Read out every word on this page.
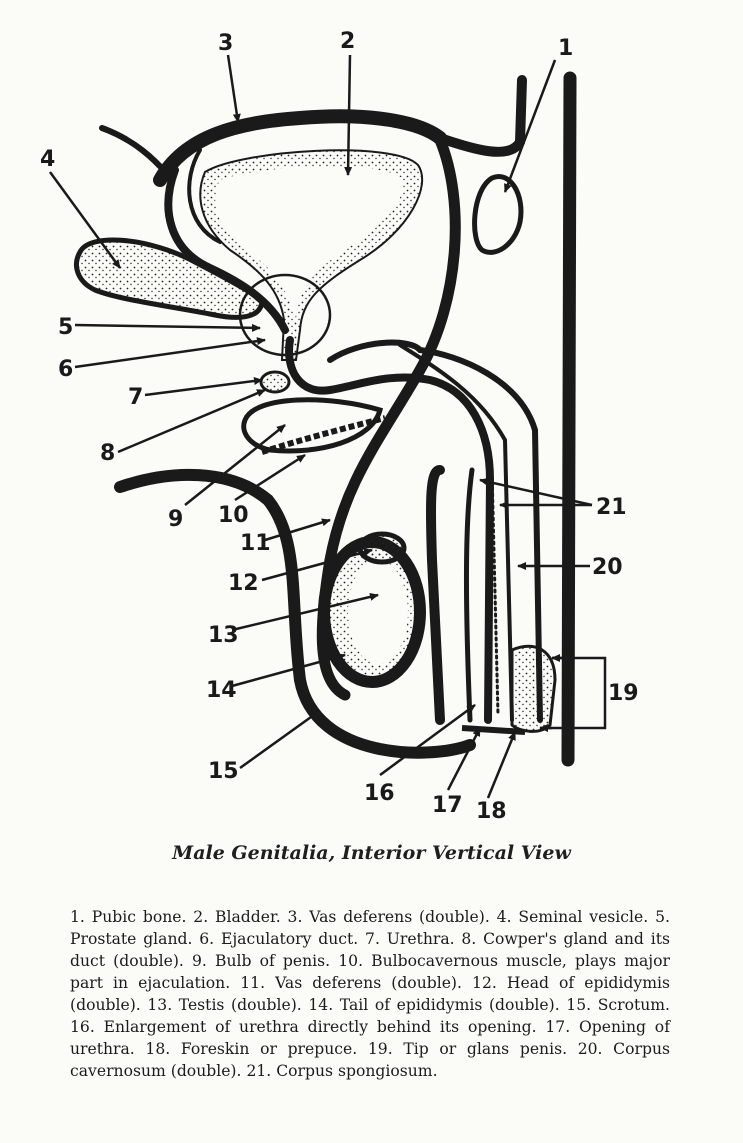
1
2
3
4
5
6
7
8
9 10
11
12
13
14
15
16 17 18
19
20
21
Male Genitalia, Interior Vertical View
1. Pubic bone. 2. Bladder. 3. Vas deferens (double). 4. Seminal vesicle. 5. Prostate gland. 6. Ejaculatory duct. 7. Urethra. 8. Cowper's gland and its duct (double). 9. Bulb of penis. 10. Bulbocavernous muscle, plays major part in ejaculation. 11. Vas deferens (double). 12. Head of epididymis (double). 13. Testis (double). 14. Tail of epididymis (double). 15. Scrotum. 16. Enlargement of urethra directly behind its opening. 17. Opening of urethra. 18. Foreskin or prepuce. 19. Tip or glans penis. 20. Corpus cavernosum (double). 21. Corpus spongiosum.
